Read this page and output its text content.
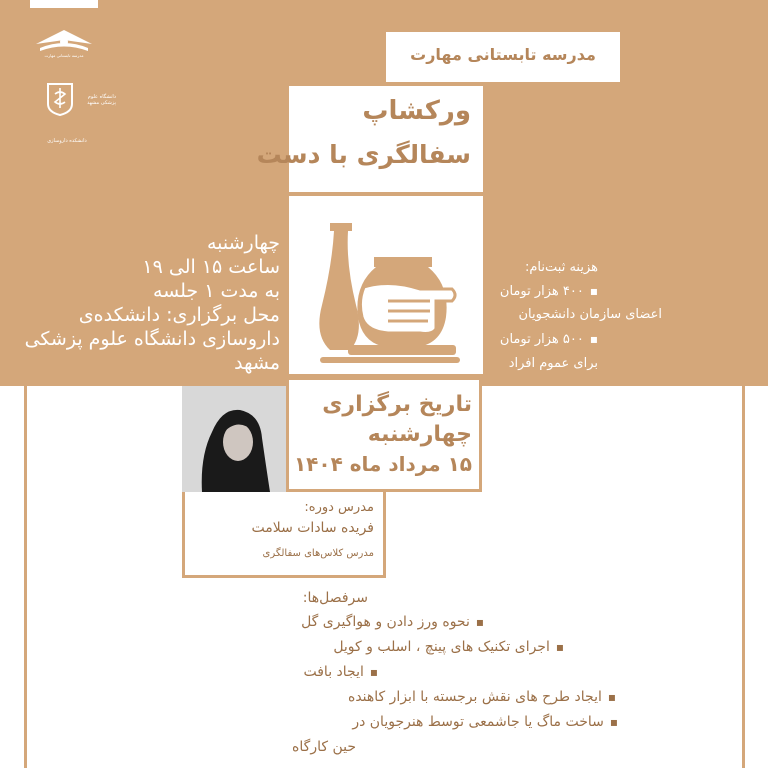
مدرسه تابستانی مهارت
دانشگاه علوم پزشکی مشهد
دانشکده داروسازی
مدرسه تابستانی مهارت
ورکشاپ
سفالگری با دست
تاریخ برگزاری
چهارشنبه
۱۵ مرداد ماه ۱۴۰۴
مدرس دوره:
فریده سادات سلامت
مدرس کلاس‌های سفالگری
چهارشنبه
ساعت ۱۵ الی ۱۹
به مدت ۱ جلسه
محل برگزاری: دانشکده‌ی
داروسازی دانشگاه علوم پزشکی
مشهد
هزینه ثبت‌نام:
▪ ۴۰۰ هزار تومان
اعضای سازمان دانشجویان
▪ ۵۰۰ هزار تومان
برای عموم افراد
سرفصل‌ها:
▪ نحوه ورز دادن و هواگیری گل
▪ اجرای تکنیک های پینچ ، اسلب و کویل
▪ ایجاد بافت
▪ ایجاد طرح های نقش برجسته با ابزار کاهنده
▪ ساخت ماگ یا جاشمعی توسط هنرجویان در
حین کارگاه
